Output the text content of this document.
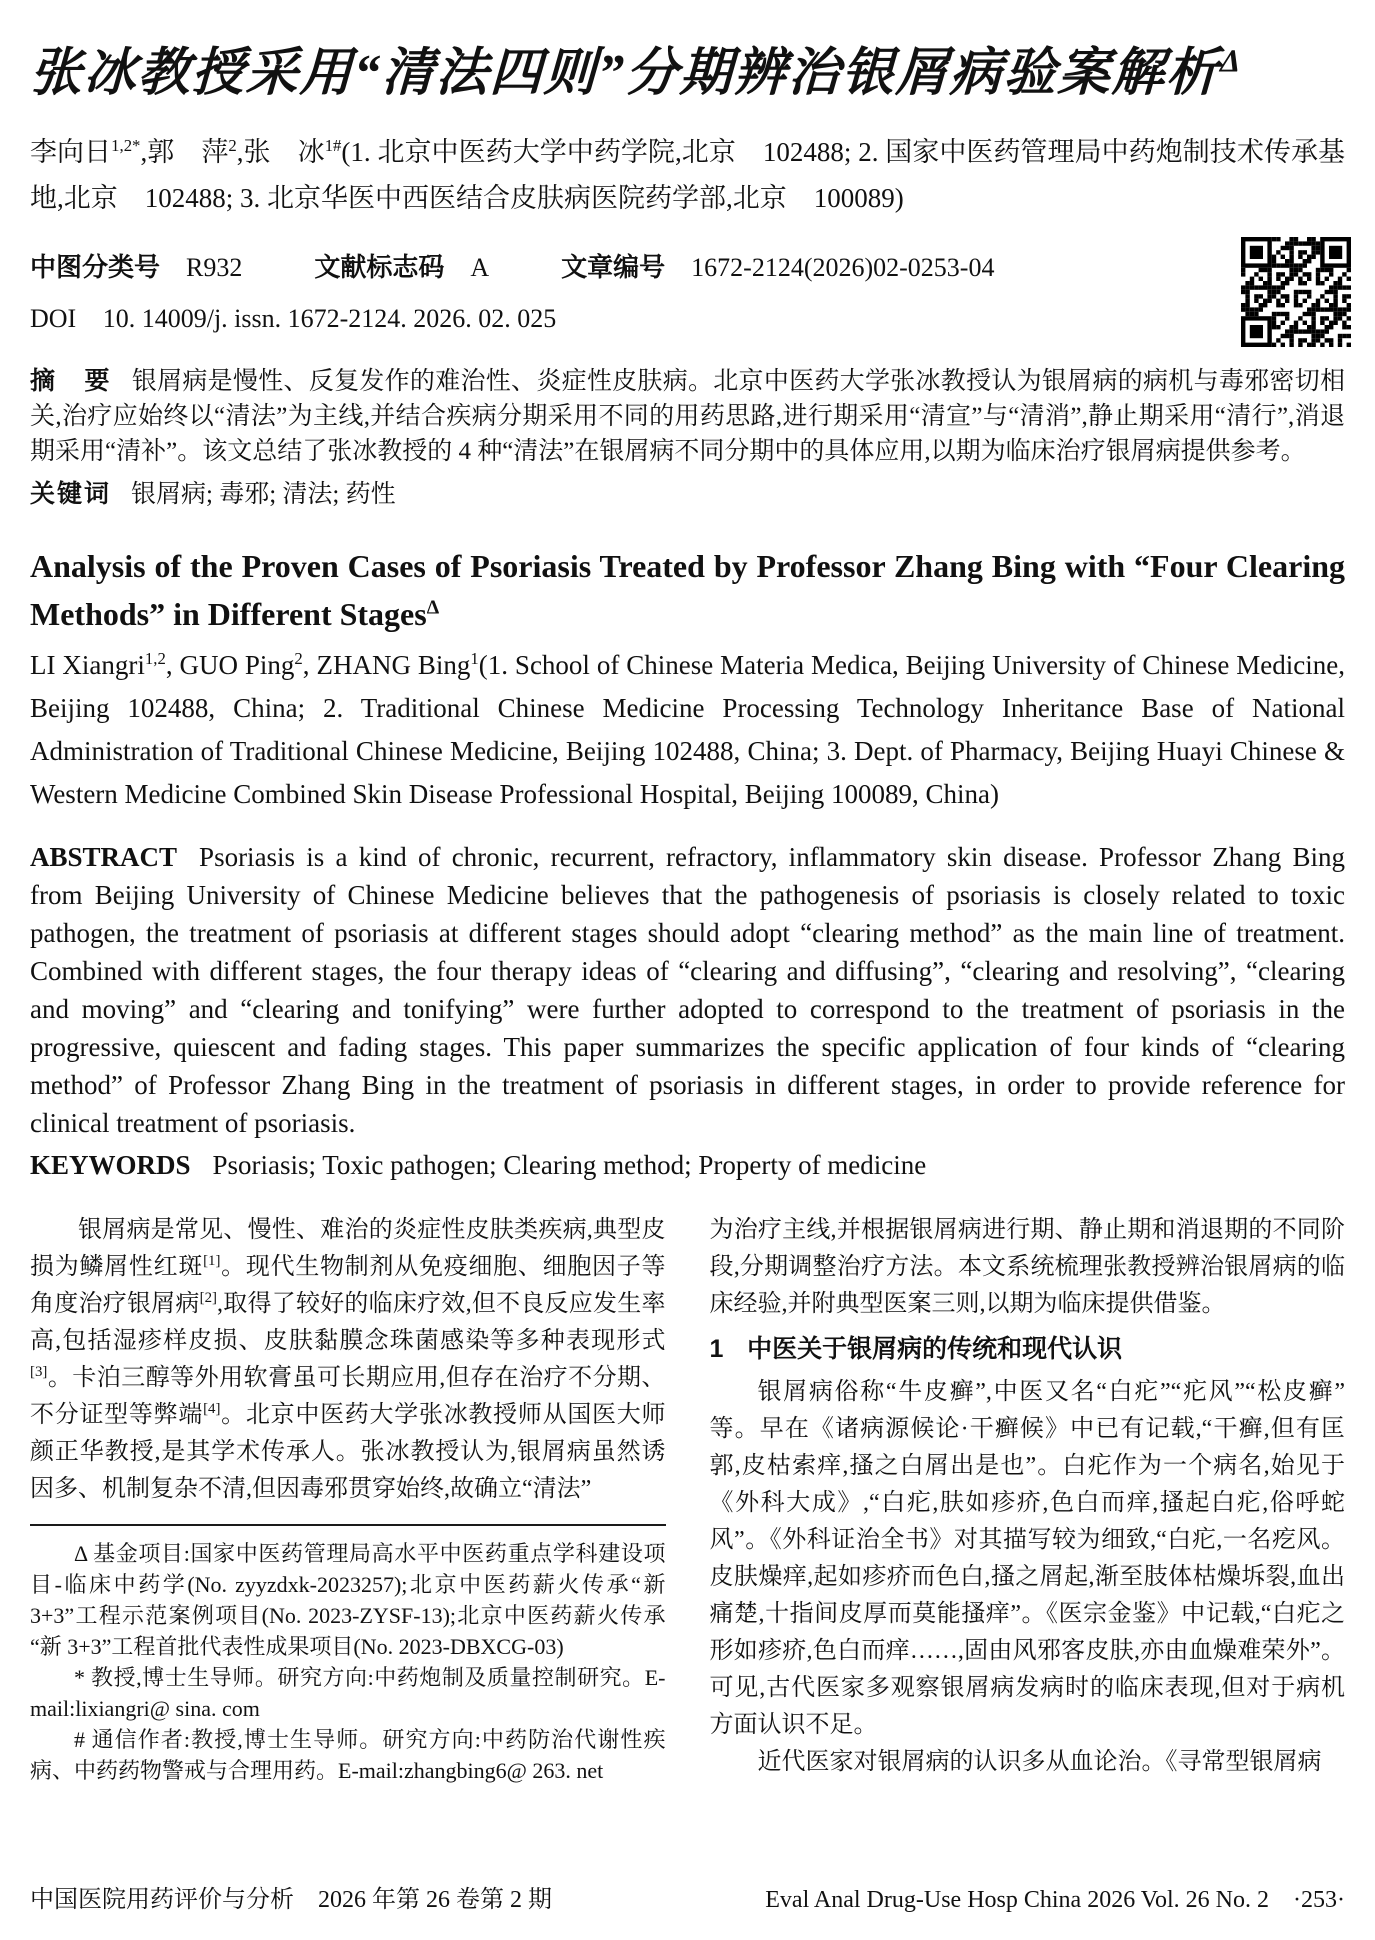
张冰教授采用“清法四则”分期辨治银屑病验案解析$^\Delta$

李向日$^{1,2*}$,郭　萍$^2$,张　冰$^{1\#}$(1. 北京中医药大学中药学院,北京　102488; 2. 国家中医药管理局中药炮制技术传承基地,北京　102488; 3. 北京华医中西医结合皮肤病医院药学部,北京　100089)

中图分类号 R932	文献标志码 A	文章编号 1672-2124(2026)02-0253-04
DOI 10. 14009/j. issn. 1672-2124. 2026. 02. 025

摘　要 银屑病是慢性、反复发作的难治性、炎症性皮肤病。北京中医药大学张冰教授认为银屑病的病机与毒邪密切相关,治疗应始终以“清法”为主线,并结合疾病分期采用不同的用药思路,进行期采用“清宣”与“清消”,静止期采用“清行”,消退期采用“清补”。该文总结了张冰教授的 4 种“清法”在银屑病不同分期中的具体应用,以期为临床治疗银屑病提供参考。

关键词 银屑病; 毒邪; 清法; 药性

Analysis of the Proven Cases of Psoriasis Treated by Professor Zhang Bing with “Four Clearing Methods” in Different Stages$^\Delta$

LI Xiangri$^{1,2}$, GUO Ping$^2$, ZHANG Bing$^1$(1. School of Chinese Materia Medica, Beijing University of Chinese Medicine, Beijing 102488, China; 2. Traditional Chinese Medicine Processing Technology Inheritance Base of National Administration of Traditional Chinese Medicine, Beijing 102488, China; 3. Dept. of Pharmacy, Beijing Huayi Chinese & Western Medicine Combined Skin Disease Professional Hospital, Beijing 100089, China)

ABSTRACT Psoriasis is a kind of chronic, recurrent, refractory, inflammatory skin disease. Professor Zhang Bing from Beijing University of Chinese Medicine believes that the pathogenesis of psoriasis is closely related to toxic pathogen, the treatment of psoriasis at different stages should adopt “clearing method” as the main line of treatment. Combined with different stages, the four therapy ideas of “clearing and diffusing”, “clearing and resolving”, “clearing and moving” and “clearing and tonifying” were further adopted to correspond to the treatment of psoriasis in the progressive, quiescent and fading stages. This paper summarizes the specific application of four kinds of “clearing method” of Professor Zhang Bing in the treatment of psoriasis in different stages, in order to provide reference for clinical treatment of psoriasis.

KEYWORDS Psoriasis; Toxic pathogen; Clearing method; Property of medicine

银屑病是常见、慢性、难治的炎症性皮肤类疾病,典型皮损为鳞屑性红斑[1]。现代生物制剂从免疫细胞、细胞因子等角度治疗银屑病[2],取得了较好的临床疗效,但不良反应发生率高,包括湿疹样皮损、皮肤黏膜念珠菌感染等多种表现形式[3]。卡泊三醇等外用软膏虽可长期应用,但存在治疗不分期、不分证型等弊端[4]。北京中医药大学张冰教授师从国医大师颜正华教授,是其学术传承人。张冰教授认为,银屑病虽然诱因多、机制复杂不清,但因毒邪贯穿始终,故确立“清法”

Δ 基金项目:国家中医药管理局高水平中医药重点学科建设项目-临床中药学(No. zyyzdxk-2023257);北京中医药薪火传承“新 3+3”工程示范案例项目(No. 2023-ZYSF-13);北京中医药薪火传承“新 3+3”工程首批代表性成果项目(No. 2023-DBXCG-03)

* 教授,博士生导师。研究方向:中药炮制及质量控制研究。E-mail:lixiangri@ sina. com

# 通信作者:教授,博士生导师。研究方向:中药防治代谢性疾病、中药药物警戒与合理用药。E-mail:zhangbing6@ 263. net

为治疗主线,并根据银屑病进行期、静止期和消退期的不同阶段,分期调整治疗方法。本文系统梳理张教授辨治银屑病的临床经验,并附典型医案三则,以期为临床提供借鉴。

1 中医关于银屑病的传统和现代认识

银屑病俗称“牛皮癣”,中医又名“白疕”“疕风”“松皮癣”等。早在《诸病源候论·干癣候》中已有记载,“干癣,但有匡郭,皮枯索痒,搔之白屑出是也”。白疕作为一个病名,始见于《外科大成》,“白疕,肤如疹疥,色白而痒,搔起白疕,俗呼蛇风”。《外科证治全书》对其描写较为细致,“白疕,一名疙风。皮肤燥痒,起如疹疥而色白,搔之屑起,渐至肢体枯燥坼裂,血出痛楚,十指间皮厚而莫能搔痒”。《医宗金鉴》中记载,“白疕之形如疹疥,色白而痒……,固由风邪客皮肤,亦由血燥难荣外”。可见,古代医家多观察银屑病发病时的临床表现,但对于病机方面认识不足。

近代医家对银屑病的认识多从血论治。《寻常型银屑病

中国医院用药评价与分析　2026 年第 26 卷第 2 期	Eval Anal Drug-Use Hosp China 2026 Vol. 26 No. 2　·253·
